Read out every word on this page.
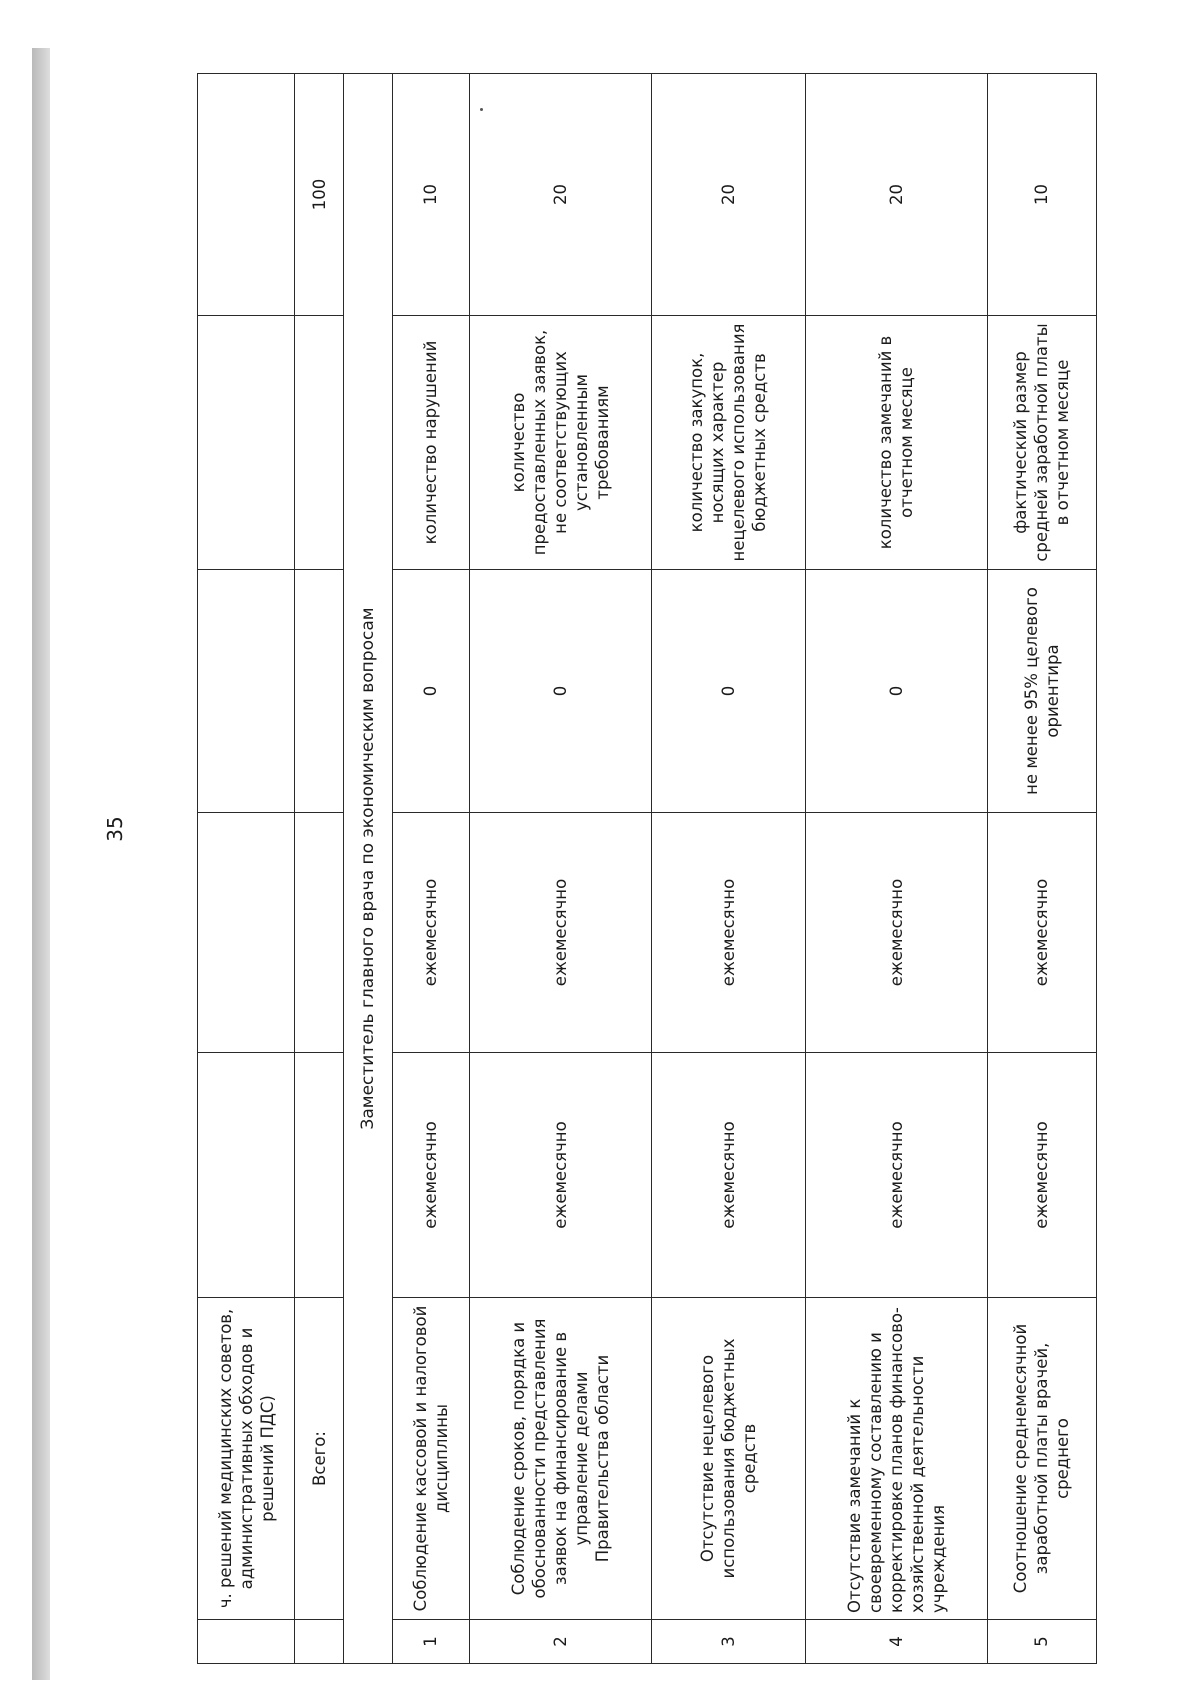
35
	ч. решений медицинских советов, административных обходов и решений ПДС)					
	Всего:					100
Заместитель главного врача по экономическим вопросам						
1	Соблюдение кассовой и налоговой дисциплины	ежемесячно	ежемесячно	0	количество нарушений	10
2	Соблюдение сроков, порядка и обоснованности представления заявок на финансирование в управление делами Правительства области	ежемесячно	ежемесячно	0	количество предоставленных заявок, не соответствующих установленным требованиям	20
3	Отсутствие нецелевого использования бюджетных средств	ежемесячно	ежемесячно	0	количество закупок, носящих характер нецелевого использования бюджетных средств	20
4	Отсутствие замечаний к своевременному составлению и корректировке планов финансово-хозяйственной деятельности учреждения	ежемесячно	ежемесячно	0	количество замечаний в отчетном месяце	20
5	Соотношение среднемесячной заработной платы врачей, среднего	ежемесячно	ежемесячно	не менее 95% целевого ориентира	фактический размер средней заработной платы в отчетном месяце	10
